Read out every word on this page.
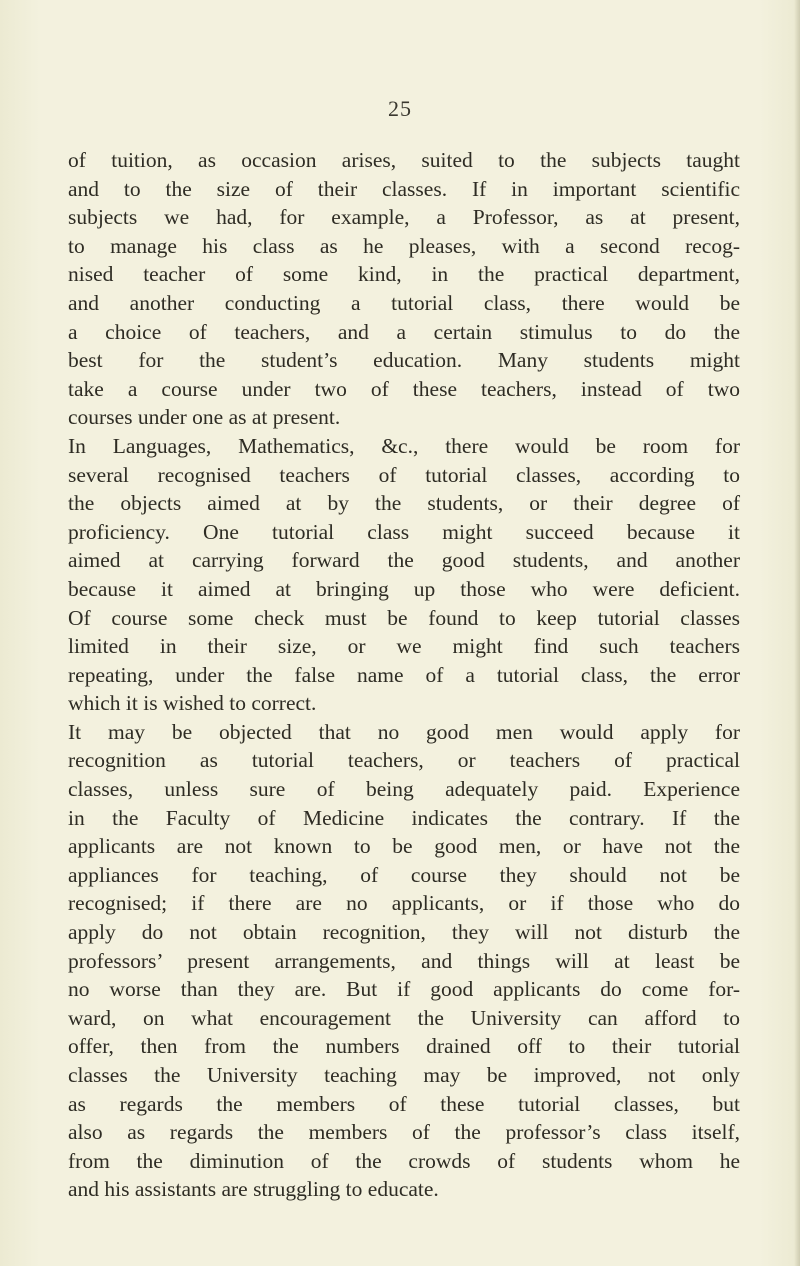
25
of tuition, as occasion arises, suited to the subjects taught
and to the size of their classes. If in important scientific
subjects we had, for example, a Professor, as at present,
to manage his class as he pleases, with a second recog-
nised teacher of some kind, in the practical department,
and another conducting a tutorial class, there would be
a choice of teachers, and a certain stimulus to do the
best for the student’s education. Many students might
take a course under two of these teachers, instead of two
courses under one as at present.
In Languages, Mathematics, &c., there would be room for
several recognised teachers of tutorial classes, according to
the objects aimed at by the students, or their degree of
proficiency. One tutorial class might succeed because it
aimed at carrying forward the good students, and another
because it aimed at bringing up those who were deficient.
Of course some check must be found to keep tutorial classes
limited in their size, or we might find such teachers
repeating, under the false name of a tutorial class, the error
which it is wished to correct.
It may be objected that no good men would apply for
recognition as tutorial teachers, or teachers of practical
classes, unless sure of being adequately paid. Experience
in the Faculty of Medicine indicates the contrary. If the
applicants are not known to be good men, or have not the
appliances for teaching, of course they should not be
recognised; if there are no applicants, or if those who do
apply do not obtain recognition, they will not disturb the
professors’ present arrangements, and things will at least be
no worse than they are. But if good applicants do come for-
ward, on what encouragement the University can afford to
offer, then from the numbers drained off to their tutorial
classes the University teaching may be improved, not only
as regards the members of these tutorial classes, but
also as regards the members of the professor’s class itself,
from the diminution of the crowds of students whom he
and his assistants are struggling to educate.
